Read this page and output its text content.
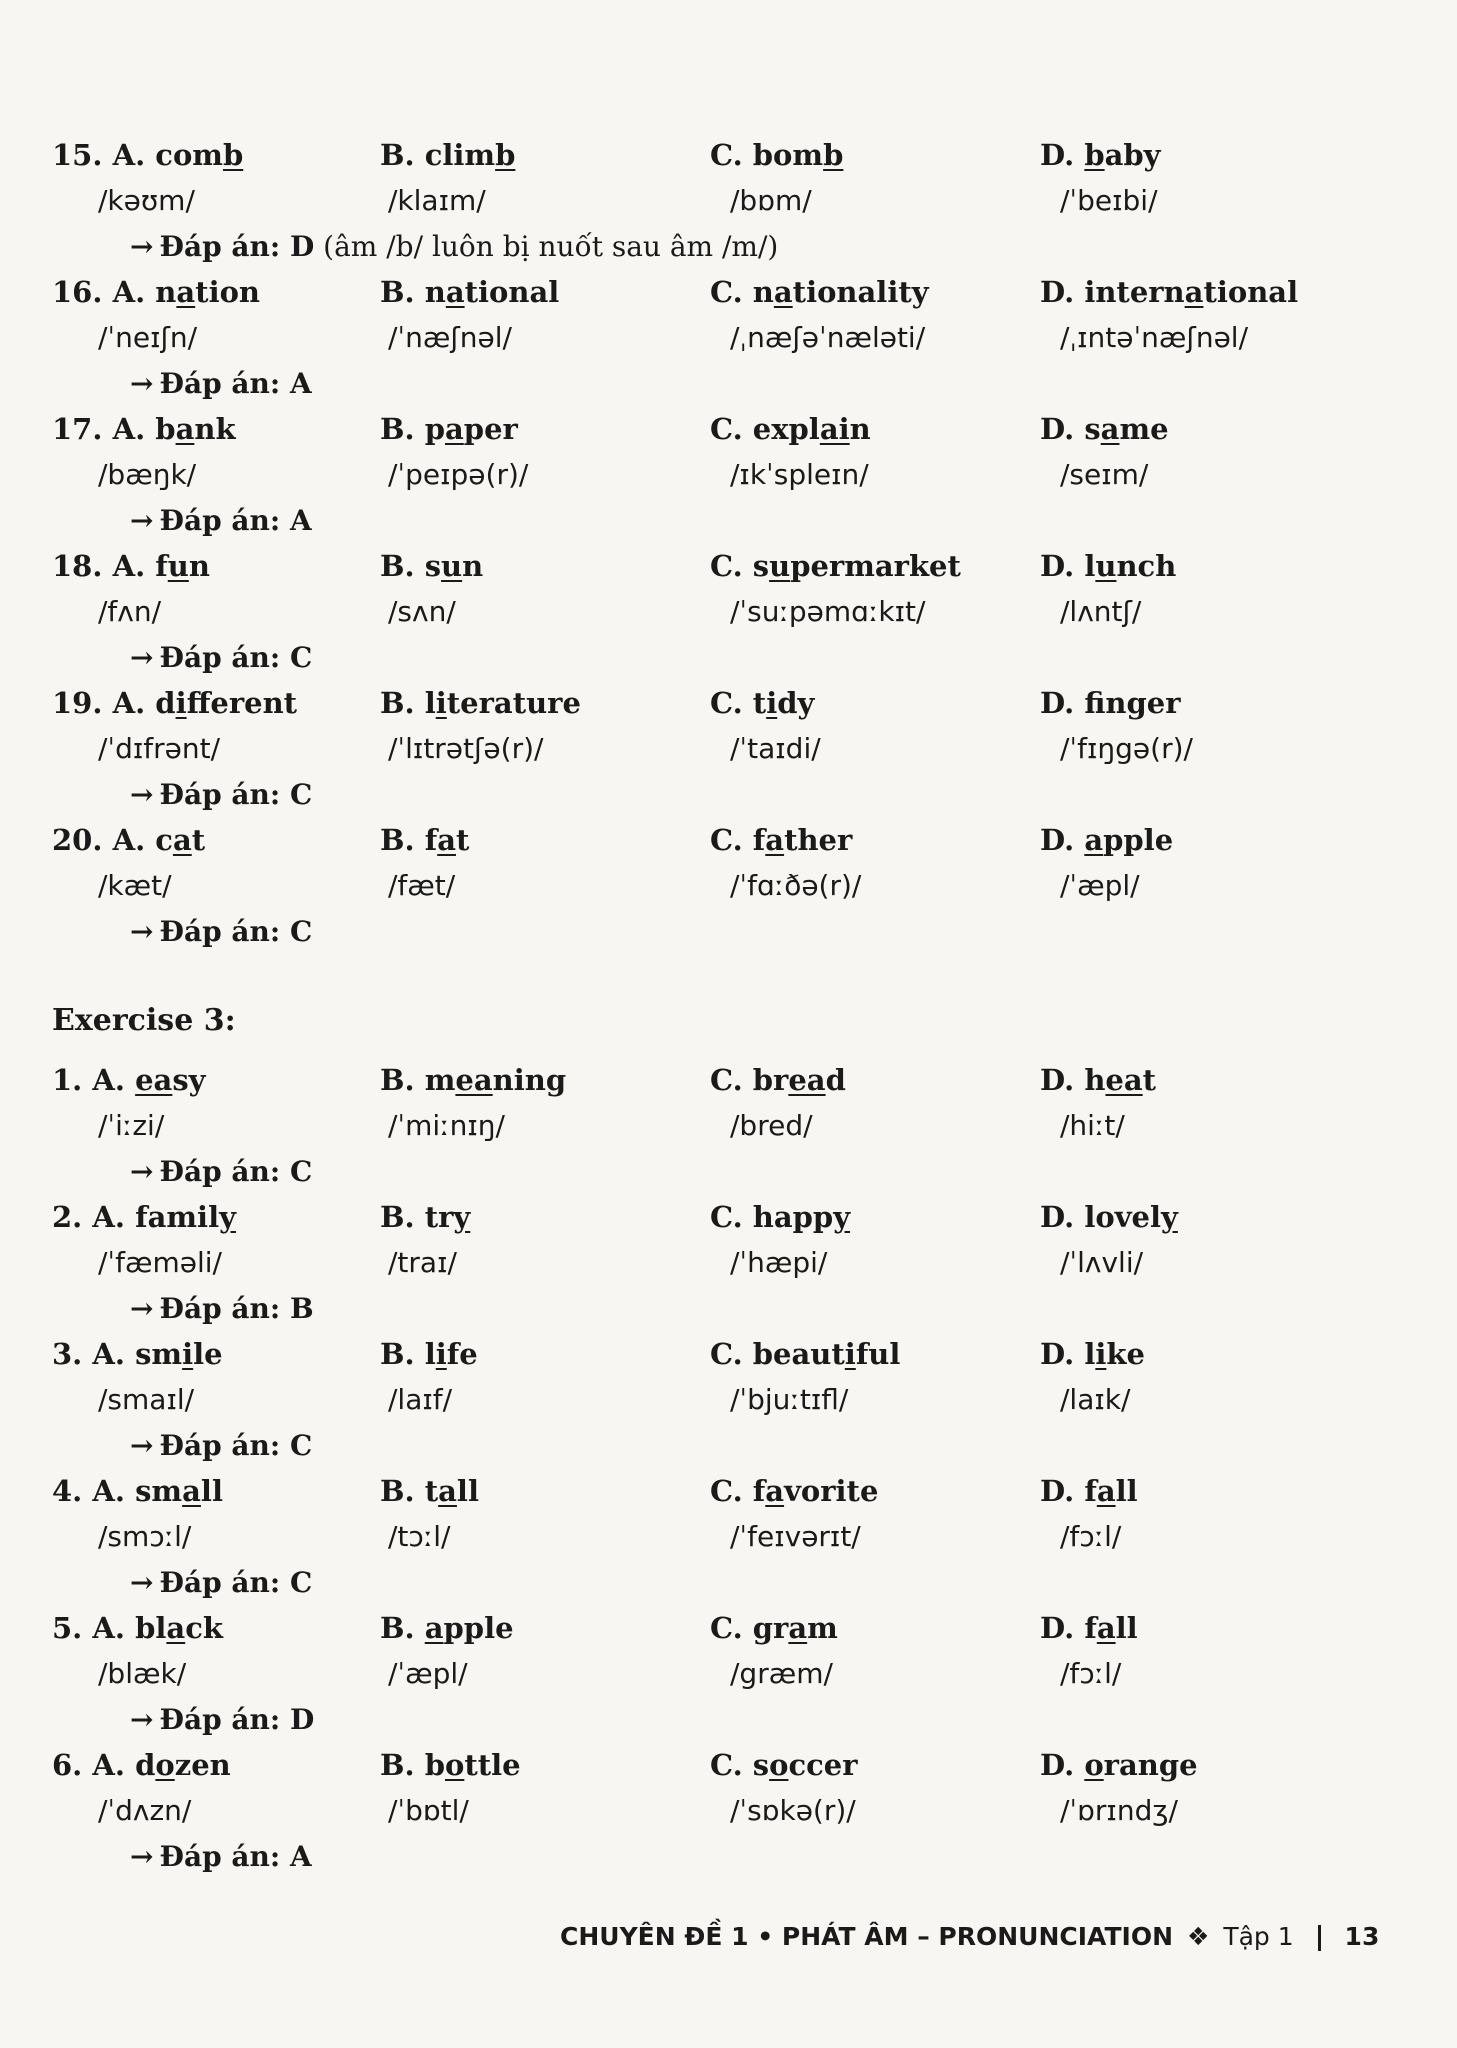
15. A. comb
/kəʊm/
B. climb
/klaɪm/
C. bomb
/bɒm/
D. baby
/ˈbeɪbi/
→ Đáp án: D (âm /b/ luôn bị nuốt sau âm /m/)
16. A. nation
/ˈneɪʃn/
B. national
/ˈnæʃnəl/
C. nationality
/ˌnæʃəˈnæləti/
D. international
/ˌɪntəˈnæʃnəl/
→ Đáp án: A
17. A. bank
/bæŋk/
B. paper
/ˈpeɪpə(r)/
C. explain
/ɪkˈspleɪn/
D. same
/seɪm/
→ Đáp án: A
18. A. fun
/fʌn/
B. sun
/sʌn/
C. supermarket
/ˈsuːpəmɑːkɪt/
D. lunch
/lʌntʃ/
→ Đáp án: C
19. A. different
/ˈdɪfrənt/
B. literature
/ˈlɪtrətʃə(r)/
C. tidy
/ˈtaɪdi/
D. fnger
/ˈfɪŋgə(r)/
→ Đáp án: C
20. A. cat
/kæt/
B. fat
/fæt/
C. father
/ˈfɑːðə(r)/
D. apple
/ˈæpl/
→ Đáp án: C
1. A. easy
/ˈiːzi/
B. meaning
/ˈmiːnɪŋ/
C. bread
/bred/
D. heat
/hiːt/
→ Đáp án: C
2. A. family
/ˈfæməli/
B. try
/traɪ/
C. happy
/ˈhæpi/
D. lovely
/ˈlʌvli/
→ Đáp án: B
3. A. smile
/smaɪl/
B. life
/laɪf/
C. beautiful
/ˈbjuːtɪfl/
D. like
/laɪk/
→ Đáp án: C
4. A. small
/smɔːl/
B. tall
/tɔːl/
C. favorite
/ˈfeɪvərɪt/
D. fall
/fɔːl/
→ Đáp án: C
5. A. black
/blæk/
B. apple
/ˈæpl/
C. gram
/græm/
D. fall
/fɔːl/
→ Đáp án: D
6. A. dozen
/ˈdʌzn/
B. bottle
/ˈbɒtl/
C. soccer
/ˈsɒkə(r)/
D. orange
/ˈɒrɪndʒ/
→ Đáp án: A
Exercise 3:
CHUYÊN ĐỀ 1 • PHÁT ÂM – PRONUNCIATION ❖ Tập 1 13
